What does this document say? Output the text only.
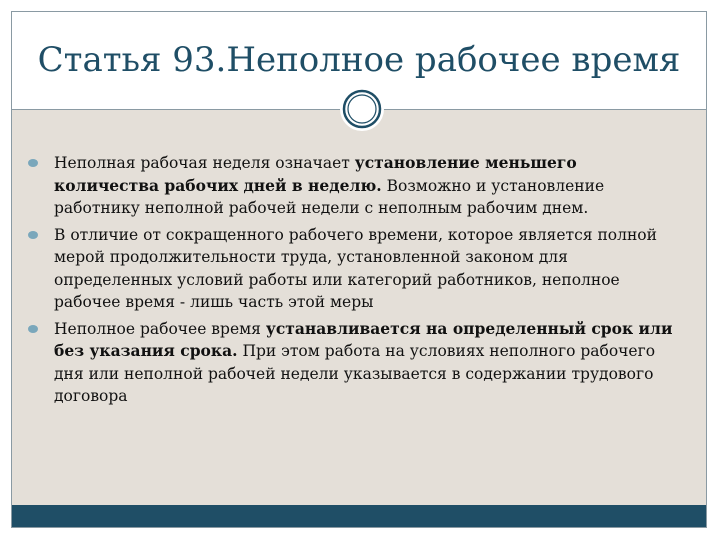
Статья 93.Неполное рабочее время
Неполная рабочая неделя означает установление меньшего количества рабочих дней в неделю. Возможно и установление работнику неполной рабочей недели с неполным рабочим днем.
В отличие от сокращенного рабочего времени, которое является полной мерой продолжительности труда, установленной законом для определенных условий работы или категорий работников, неполное рабочее время - лишь часть этой меры
Неполное рабочее время устанавливается на определенный срок или без указания срока. При этом работа на условиях неполного рабочего дня или неполной рабочей недели указывается в содержании трудового договора
